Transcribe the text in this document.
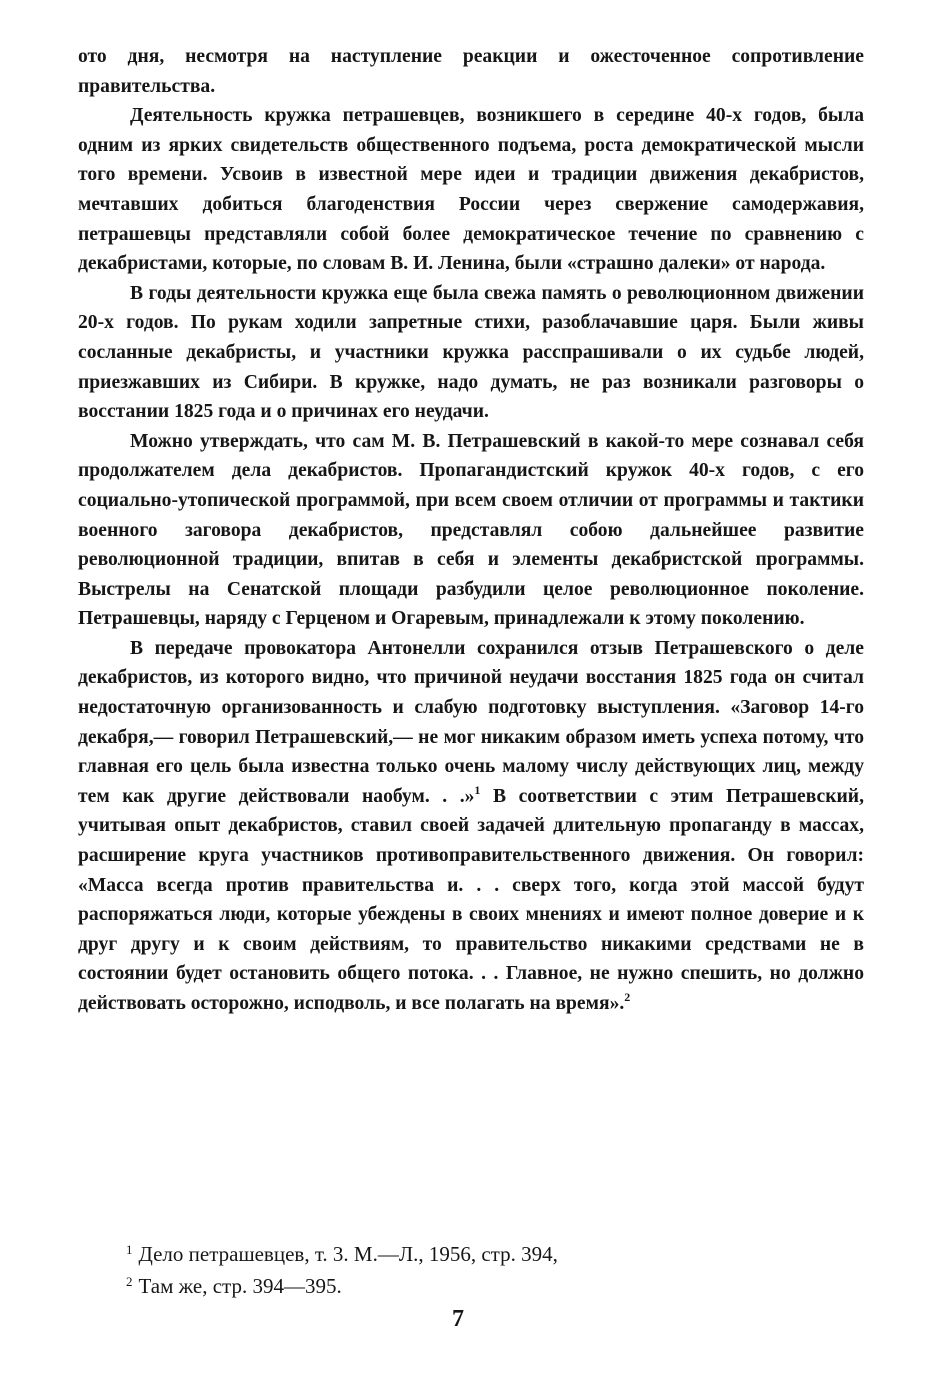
ото дня, несмотря на наступление реакции и ожесточенное сопротивление правительства.

Деятельность кружка петрашевцев, возникшего в середине 40-х годов, была одним из ярких свидетельств общественного подъема, роста демократической мысли того времени. Усвоив в известной мере идеи и традиции движения декабристов, мечтавших добиться благоденствия России через свержение самодержавия, петрашевцы представляли собой более демократическое течение по сравнению с декабристами, которые, по словам В. И. Ленина, были «страшно далеки» от народа.

В годы деятельности кружка еще была свежа память о революционном движении 20-х годов. По рукам ходили запретные стихи, разоблачавшие царя. Были живы сосланные декабристы, и участники кружка расспрашивали о их судьбе людей, приезжавших из Сибири. В кружке, надо думать, не раз возникали разговоры о восстании 1825 года и о причинах его неудачи.

Можно утверждать, что сам М. В. Петрашевский в какой-то мере сознавал себя продолжателем дела декабристов. Пропагандистский кружок 40-х годов, с его социально-утопической программой, при всем своем отличии от программы и тактики военного заговора декабристов, представлял собою дальнейшее развитие революционной традиции, впитав в себя и элементы декабристской программы. Выстрелы на Сенатской площади разбудили целое революционное поколение. Петрашевцы, наряду с Герценом и Огаревым, принадлежали к этому поколению.

В передаче провокатора Антонелли сохранился отзыв Петрашевского о деле декабристов, из которого видно, что причиной неудачи восстания 1825 года он считал недостаточную организованность и слабую подготовку выступления. «Заговор 14-го декабря,— говорил Петрашевский,— не мог никаким образом иметь успеха потому, что главная его цель была известна только очень малому числу действующих лиц, между тем как другие действовали наобум. . .»$^1$ В соответствии с этим Петрашевский, учитывая опыт декабристов, ставил своей задачей длительную пропаганду в массах, расширение круга участников противоправительственного движения. Он говорил: «Масса всегда против правительства и. . . сверх того, когда этой массой будут распоряжаться люди, которые убеждены в своих мнениях и имеют полное доверие и к друг другу и к своим действиям, то правительство никакими средствами не в состоянии будет остановить общего потока. . . Главное, не нужно спешить, но должно действовать осторожно, исподволь, и все полагать на время».$^2$

$^1$ Дело петрашевцев, т. 3. М.—Л., 1956, стр. 394,
$^2$ Там же, стр. 394—395.
7
